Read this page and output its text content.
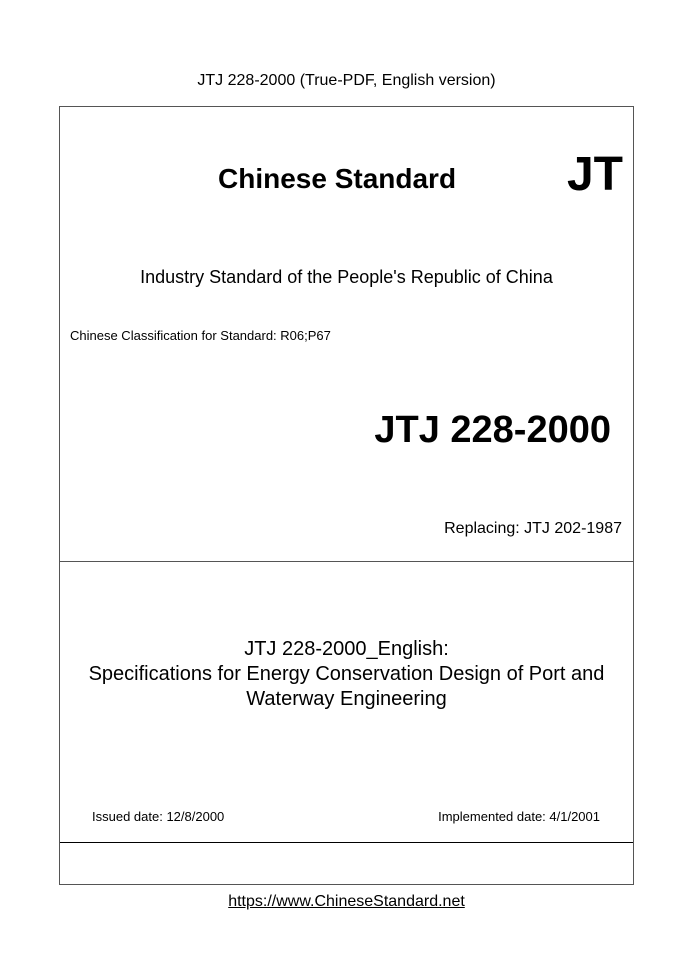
JTJ 228-2000 (True-PDF, English version)
Chinese Standard JT
Industry Standard of the People's Republic of China
Chinese Classification for Standard: R06;P67
JTJ 228-2000
Replacing: JTJ 202-1987
JTJ 228-2000_English:
Specifications for Energy Conservation Design of Port and
Waterway Engineering
Issued date: 12/8/2000	Implemented date: 4/1/2001
https://www.ChineseStandard.net
